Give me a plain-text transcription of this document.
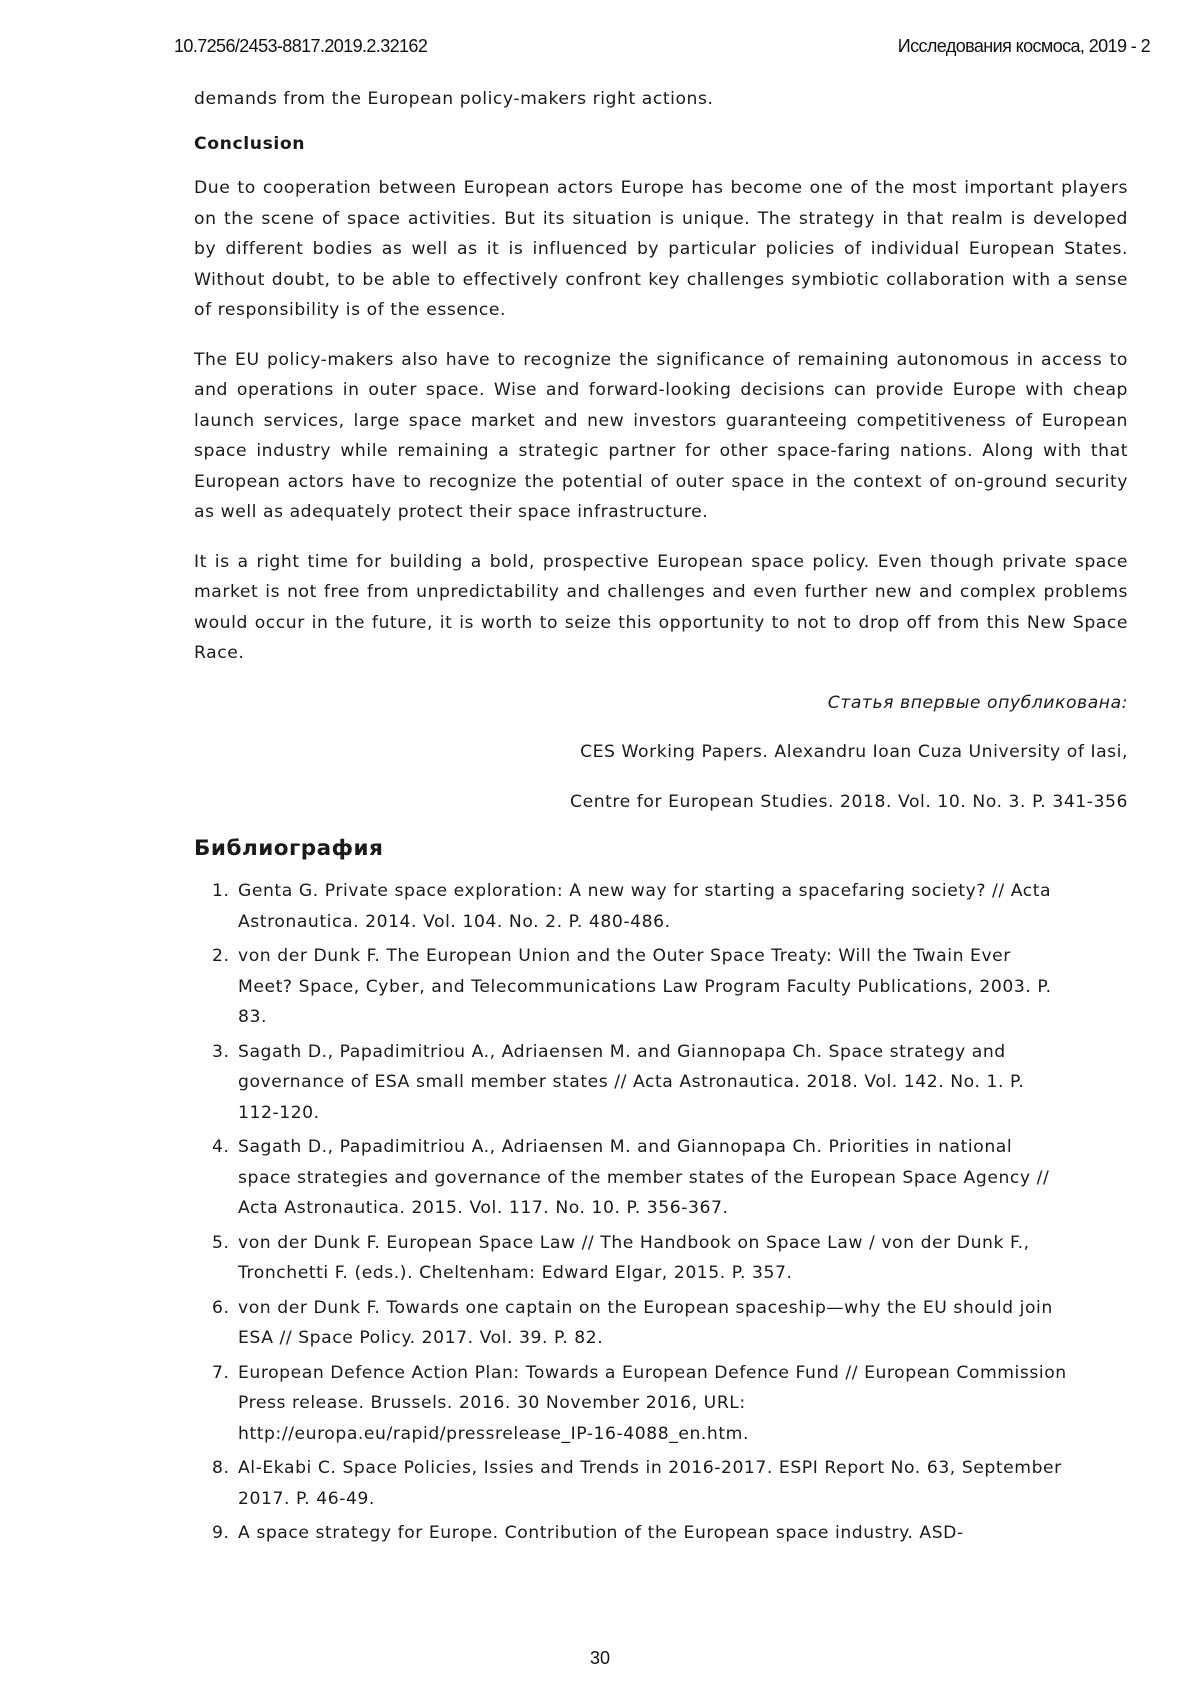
10.7256/2453-8817.2019.2.32162	Исследования космоса, 2019 - 2

demands from the European policy-makers right actions.

Conclusion

Due to cooperation between European actors Europe has become one of the most important players on the scene of space activities. But its situation is unique. The strategy in that realm is developed by different bodies as well as it is influenced by particular policies of individual European States. Without doubt, to be able to effectively confront key challenges symbiotic collaboration with a sense of responsibility is of the essence.

The EU policy-makers also have to recognize the significance of remaining autonomous in access to and operations in outer space. Wise and forward-looking decisions can provide Europe with cheap launch services, large space market and new investors guaranteeing competitiveness of European space industry while remaining a strategic partner for other space-faring nations. Along with that European actors have to recognize the potential of outer space in the context of on-ground security as well as adequately protect their space infrastructure.

It is a right time for building a bold, prospective European space policy. Even though private space market is not free from unpredictability and challenges and even further new and complex problems would occur in the future, it is worth to seize this opportunity to not to drop off from this New Space Race.

Статья впервые опубликована:
CES Working Papers. Alexandru Ioan Cuza University of Iasi,
Centre for European Studies. 2018. Vol. 10. No. 3. P. 341-356
Библиография
1. Genta G. Private space exploration: A new way for starting a spacefaring society? // Acta Astronautica. 2014. Vol. 104. No. 2. P. 480-486.
2. von der Dunk F. The European Union and the Outer Space Treaty: Will the Twain Ever Meet? Space, Cyber, and Telecommunications Law Program Faculty Publications, 2003. P. 83.
3. Sagath D., Papadimitriou A., Adriaensen M. and Giannopapa Ch. Space strategy and governance of ESA small member states // Acta Astronautica. 2018. Vol. 142. No. 1. P. 112-120.
4. Sagath D., Papadimitriou A., Adriaensen M. and Giannopapa Ch. Priorities in national space strategies and governance of the member states of the European Space Agency // Acta Astronautica. 2015. Vol. 117. No. 10. P. 356-367.
5. von der Dunk F. European Space Law // The Handbook on Space Law / von der Dunk F., Tronchetti F. (eds.). Cheltenham: Edward Elgar, 2015. P. 357.
6. von der Dunk F. Towards one captain on the European spaceship—why the EU should join ESA // Space Policy. 2017. Vol. 39. P. 82.
7. European Defence Action Plan: Towards a European Defence Fund // European Commission Press release. Brussels. 2016. 30 November 2016, URL: http://europa.eu/rapid/pressrelease_IP-16-4088_en.htm.
8. Al-Ekabi C. Space Policies, Issies and Trends in 2016-2017. ESPI Report No. 63, September 2017. P. 46-49.
9. A space strategy for Europe. Contribution of the European space industry. ASD-
30
